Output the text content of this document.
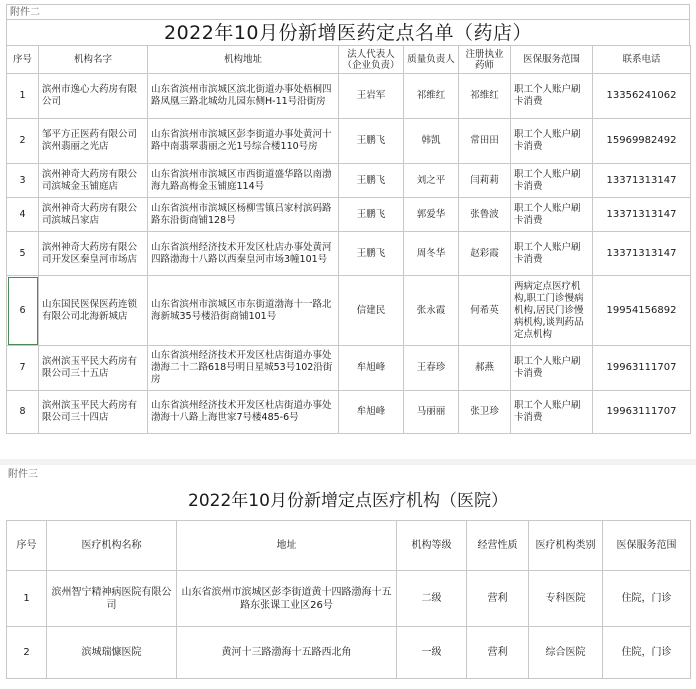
附件二
2022年10月份新增医药定点名单（药店）
序号	机构名字	机构地址	法人代表人（企业负责）	质量负责人	注册执业药师	医保服务范围	联系电话
1	滨州市逸心大药房有限公司	山东省滨州市滨城区滨北街道办事处梧桐四路凤凰三路北城幼儿园东侧H-11号沿街房	王岩军	祁维红	祁维红	职工个人账户刷卡消费	13356241062
2	邹平方正医药有限公司滨州翡丽之光店	山东省滨州市滨城区彭李街道办事处黄河十路中南翡翠翡丽之光1号综合楼110号房	王鹏飞	韩凯	常田田	职工个人账户刷卡消费	15969982492
3	滨州神奇大药房有限公司滨城金玉铺庭店	山东省滨州市滨城区市西街道盛华路以南渤海九路高梅金玉铺庭114号	王鹏飞	刘之平	闫莉莉	职工个人账户刷卡消费	13371313147
4	滨州神奇大药房有限公司滨城吕家店	山东省滨州市滨城区杨柳雪镇吕家村滨码路路东沿街商铺128号	王鹏飞	郭爱华	张鲁波	职工个人账户刷卡消费	13371313147
5	滨州神奇大药房有限公司开发区秦皇河市场店	山东省滨州经济技术开发区杜店办事处黄河四路渤海十八路以西秦皇河市场3幢101号	王鹏飞	周冬华	赵彩霞	职工个人账户刷卡消费	13371313147
6	山东国民医保医药连锁有限公司北海新城店	山东省滨州市滨城区市东街道渤海十一路北海新城35号楼沿街商铺101号	信建民	张永霞	何希英	两病定点医疗机构,职工门诊慢病机构,居民门诊慢病机构,谈判药品定点机构	19954156892
7	滨州滨玉平民大药房有限公司三十五店	山东省滨州经济技术开发区杜店街道办事处渤海二十二路618号明日星城53号102沿街房	牟旭峰	王春珍	郝燕	职工个人账户刷卡消费	19963111707
8	滨州滨玉平民大药房有限公司三十四店	山东省滨州经济技术开发区杜店街道办事处渤海十八路上海世家7号楼485-6号	牟旭峰	马丽丽	张卫珍	职工个人账户刷卡消费	19963111707
附件三
2022年10月份新增定点医疗机构（医院）
序号	医疗机构名称	地址	机构等级	经营性质	医疗机构类别	医保服务范围
1	滨州智宁精神病医院有限公司	山东省滨州市滨城区彭李街道黄十四路渤海十五路东张课工业区26号	二级	营利	专科医院	住院，门诊
2	滨城瑞慷医院	黄河十三路渤海十五路西北角	一级	营利	综合医院	住院，门诊
